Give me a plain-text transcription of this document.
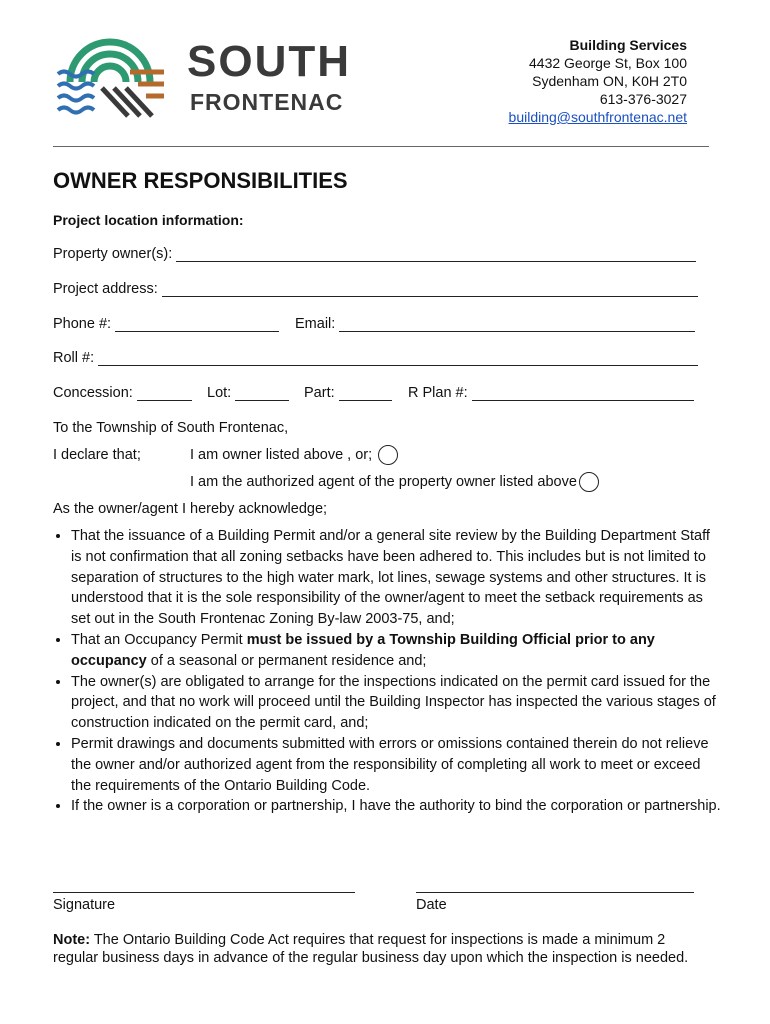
SOUTH
FRONTENAC
Building Services
4432 George St, Box 100
Sydenham ON, K0H 2T0
613-376-3027
building@southfrontenac.net
OWNER RESPONSIBILITIES
Project location information:
Property owner(s):
Project address:
Phone #:	Email:
Roll #:
Concession:	Lot:	Part:	R Plan #:
To the Township of South Frontenac,
I declare that;	I am owner listed above , or;
I am the authorized agent of the property owner listed above
As the owner/agent I hereby acknowledge;
• That the issuance of a Building Permit and/or a general site review by the Building Department Staff is not confirmation that all zoning setbacks have been adhered to. This includes but is not limited to separation of structures to the high water mark, lot lines, sewage systems and other structures. It is understood that it is the sole responsibility of the owner/agent to meet the setback requirements as set out in the South Frontenac Zoning By-law 2003-75, and;
• That an Occupancy Permit must be issued by a Township Building Official prior to any occupancy of a seasonal or permanent residence and;
• The owner(s) are obligated to arrange for the inspections indicated on the permit card issued for the project, and that no work will proceed until the Building Inspector has inspected the various stages of construction indicated on the permit card, and;
• Permit drawings and documents submitted with errors or omissions contained therein do not relieve the owner and/or authorized agent from the responsibility of completing all work to meet or exceed the requirements of the Ontario Building Code.
• If the owner is a corporation or partnership, I have the authority to bind the corporation or partnership.
Signature	Date
Note: The Ontario Building Code Act requires that request for inspections is made a minimum 2 regular business days in advance of the regular business day upon which the inspection is needed.
